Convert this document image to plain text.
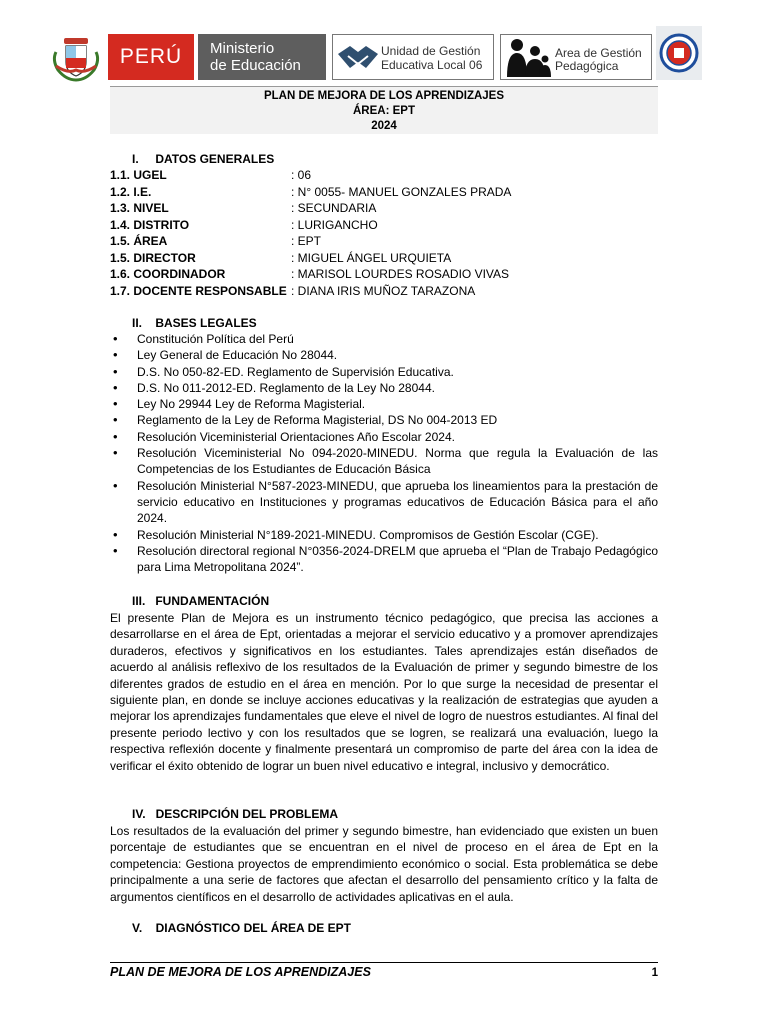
PERÚ Ministerio
de Educación
Unidad de Gestión
Educativa Local 06
Area de Gestión
Pedagógica
PLAN DE MEJORA DE LOS APRENDIZAJES
ÁREA: EPT
2024
I.     DATOS GENERALES
1.1. UGEL	: 06
1.2. I.E.	: N° 0055- MANUEL GONZALES PRADA
1.3. NIVEL	: SECUNDARIA
1.4. DISTRITO	: LURIGANCHO
1.5. ÁREA	: EPT
1.5. DIRECTOR	: MIGUEL ÁNGEL URQUIETA
1.6. COORDINADOR	: MARISOL LOURDES ROSADIO VIVAS
1.7. DOCENTE RESPONSABLE : DIANA IRIS MUÑOZ TARAZONA
II.    BASES LEGALES
• Constitución Política del Perú
• Ley General de Educación No 28044.
• D.S. No 050-82-ED. Reglamento de Supervisión Educativa.
• D.S. No 011-2012-ED. Reglamento de la Ley No 28044.
• Ley No 29944 Ley de Reforma Magisterial.
• Reglamento de la Ley de Reforma Magisterial, DS No 004-2013 ED
• Resolución Viceministerial Orientaciones Año Escolar 2024.
• Resolución Viceministerial No 094-2020-MINEDU. Norma que regula la Evaluación de las Competencias de los Estudiantes de Educación Básica
• Resolución Ministerial N°587-2023-MINEDU, que aprueba los lineamientos para la prestación de servicio educativo en Instituciones y programas educativos de Educación Básica para el año 2024.
• Resolución Ministerial N°189-2021-MINEDU. Compromisos de Gestión Escolar (CGE).
• Resolución directoral regional N°0356-2024-DRELM que aprueba el “Plan de Trabajo Pedagógico para Lima Metropolitana 2024”.
III.   FUNDAMENTACIÓN

El presente Plan de Mejora es un instrumento técnico pedagógico, que precisa las acciones a desarrollarse en el área de Ept, orientadas a mejorar el servicio educativo y a promover aprendizajes duraderos, efectivos y significativos en los estudiantes. Tales aprendizajes están diseñados de acuerdo al análisis reflexivo de los resultados de la Evaluación de primer y segundo bimestre de los diferentes grados de estudio en el área en mención. Por lo que surge la necesidad de presentar el siguiente plan, en donde se incluye acciones educativas y la realización de estrategias que ayuden a mejorar los aprendizajes fundamentales que eleve el nivel de logro de nuestros estudiantes. Al final del presente periodo lectivo y con los resultados que se logren, se realizará una evaluación, luego la respectiva reflexión docente y finalmente presentará un compromiso de parte del área con la idea de verificar el éxito obtenido de lograr un buen nivel educativo e integral, inclusivo y democrático.

IV.   DESCRIPCIÓN DEL PROBLEMA

Los resultados de la evaluación del primer y segundo bimestre, han evidenciado que existen un buen porcentaje de estudiantes que se encuentran en el nivel de proceso en el área de Ept en la competencia: Gestiona proyectos de emprendimiento económico o social. Esta problemática se debe principalmente a una serie de factores que afectan el desarrollo del pensamiento crítico y la falta de argumentos científicos en el desarrollo de actividades aplicativas en el aula.

V.    DIAGNÓSTICO DEL ÁREA DE EPT
PLAN DE MEJORA DE LOS APRENDIZAJES	1
